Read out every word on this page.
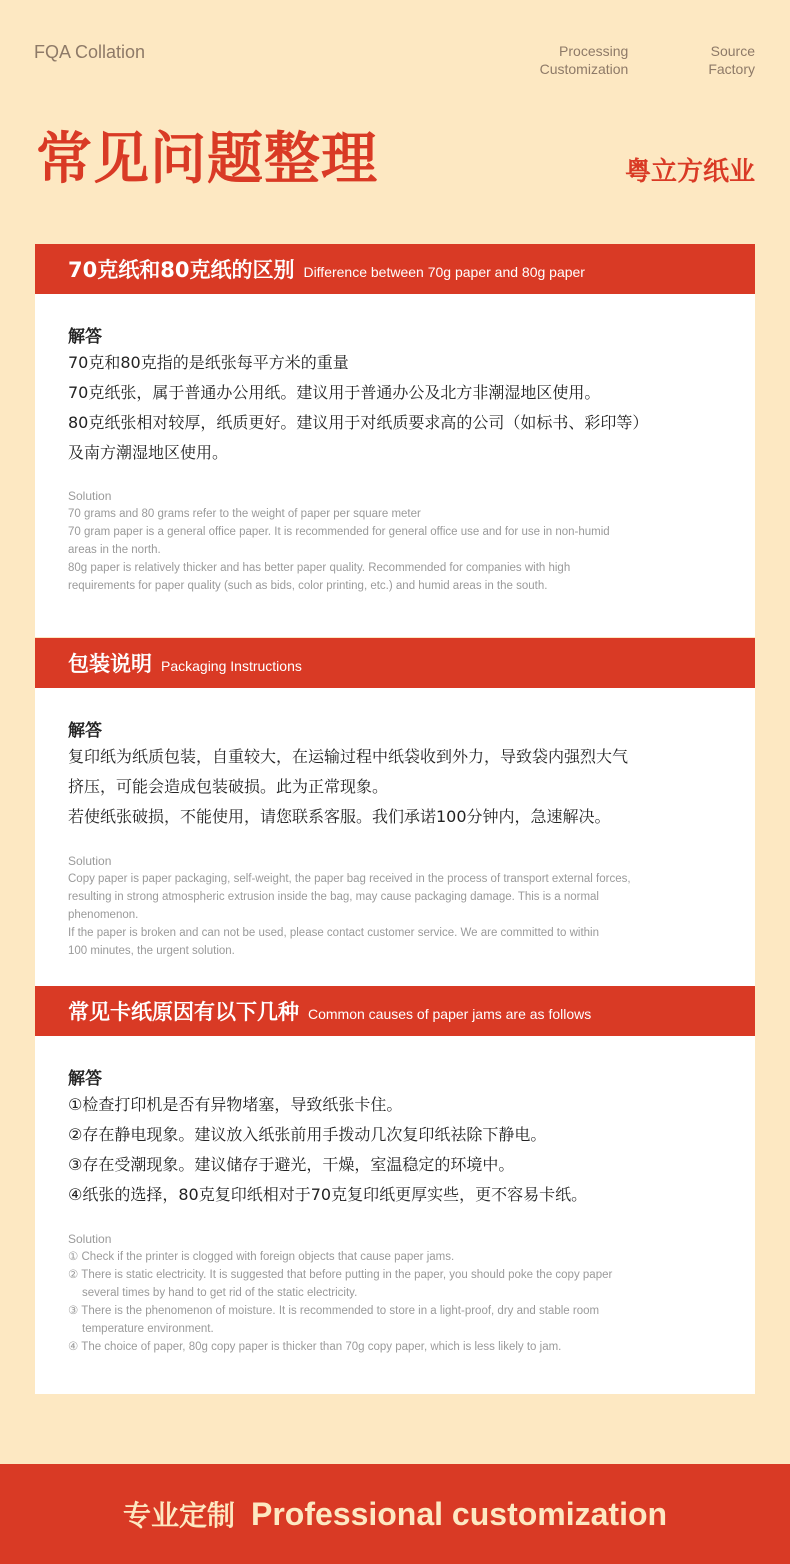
FQA Collation	Processing
Customization
Source
Factory
常见问题整理	粤立方纸业
70克纸和80克纸的区别 Difference between 70g paper and 80g paper
解答
70克和80克指的是纸张每平方米的重量
70克纸张，属于普通办公用纸。建议用于普通办公及北方非潮湿地区使用。
80克纸张相对较厚，纸质更好。建议用于对纸质要求高的公司（如标书、彩印等）
及南方潮湿地区使用。
Solution
70 grams and 80 grams refer to the weight of paper per square meter
70 gram paper is a general office paper. It is recommended for general office use and for use in non-humid
areas in the north.
80g paper is relatively thicker and has better paper quality. Recommended for companies with high
requirements for paper quality (such as bids, color printing, etc.) and humid areas in the south.
包装说明 Packaging Instructions
解答
复印纸为纸质包装，自重较大，在运输过程中纸袋收到外力，导致袋内强烈大气
挤压，可能会造成包装破损。此为正常现象。
若使纸张破损，不能使用，请您联系客服。我们承诺100分钟内，急速解决。
Solution
Copy paper is paper packaging, self-weight, the paper bag received in the process of transport external forces,
resulting in strong atmospheric extrusion inside the bag, may cause packaging damage. This is a normal
phenomenon.
If the paper is broken and can not be used, please contact customer service. We are committed to within
100 minutes, the urgent solution.
常见卡纸原因有以下几种 Common causes of paper jams are as follows
解答
①检查打印机是否有异物堵塞，导致纸张卡住。
②存在静电现象。建议放入纸张前用手拨动几次复印纸祛除下静电。
③存在受潮现象。建议储存于避光，干燥，室温稳定的环境中。
④纸张的选择，80克复印纸相对于70克复印纸更厚实些，更不容易卡纸。
Solution
① Check if the printer is clogged with foreign objects that cause paper jams.
② There is static electricity. It is suggested that before putting in the paper, you should poke the copy paper
several times by hand to get rid of the static electricity.
③ There is the phenomenon of moisture. It is recommended to store in a light-proof, dry and stable room
temperature environment.
④ The choice of paper, 80g copy paper is thicker than 70g copy paper, which is less likely to jam.
专业定制 Professional customization
